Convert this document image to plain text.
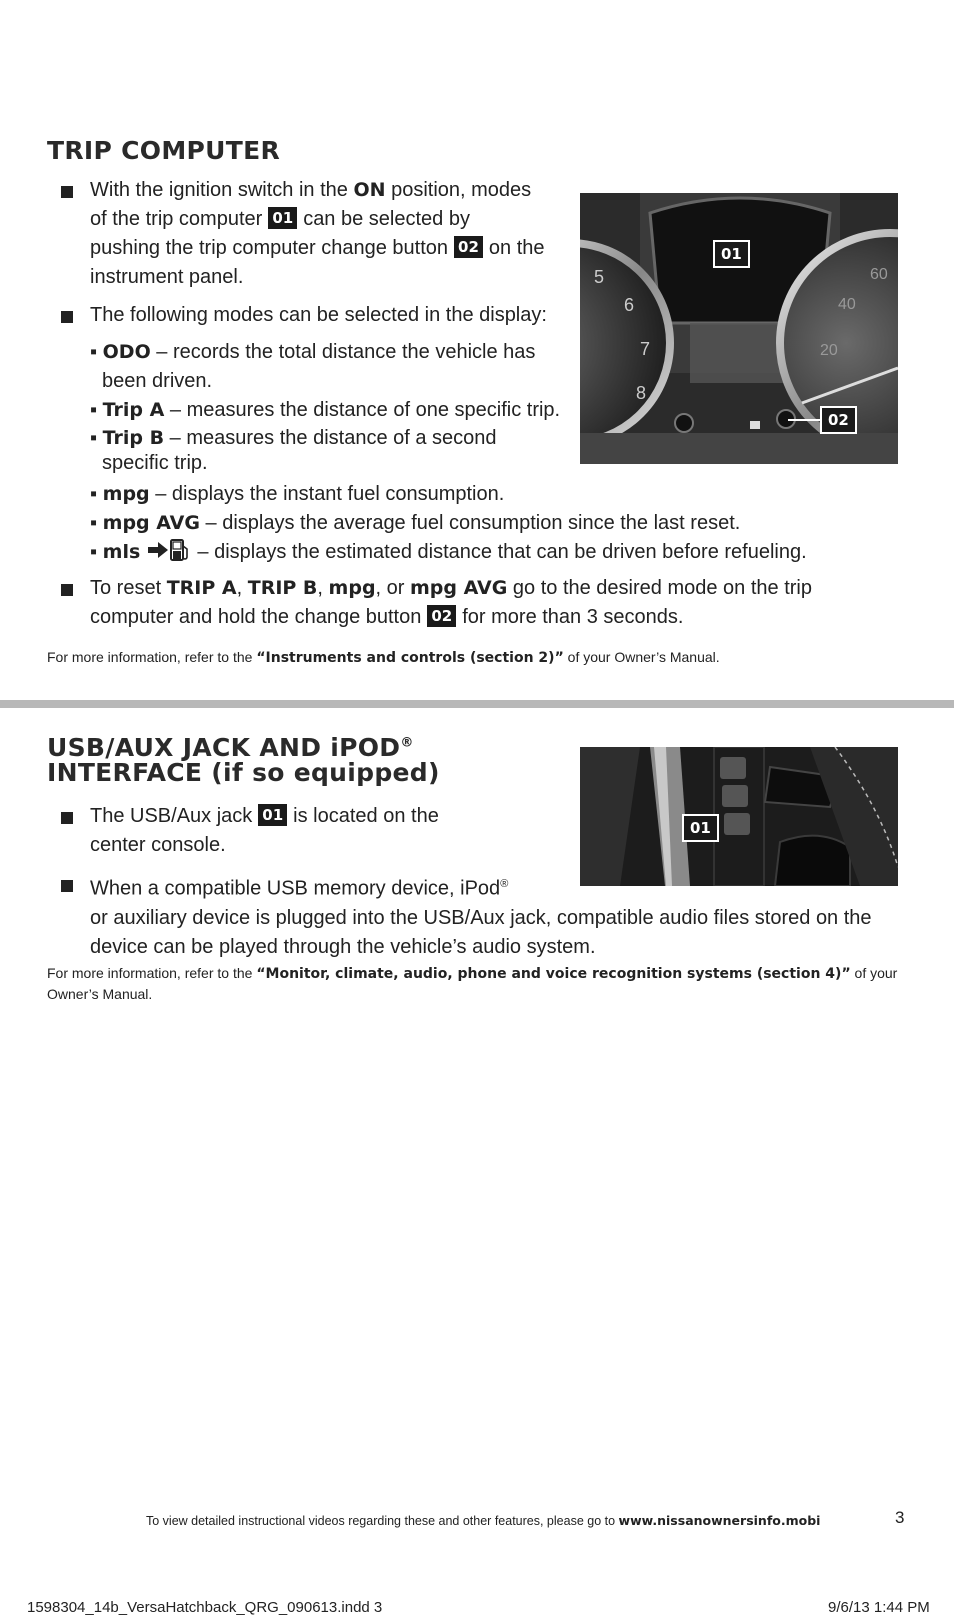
TRIP COMPUTER
With the ignition switch in the ON position, modes
of the trip computer 01 can be selected by
pushing the trip computer change button 02 on the
instrument panel.
The following modes can be selected in the display:
▪ ODO – records the total distance the vehicle has
been driven.
▪ Trip A – measures the distance of one specific trip.
▪ Trip B – measures the distance of a second
specific trip.
▪ mpg – displays the instant fuel consumption.
▪ mpg AVG – displays the average fuel consumption since the last reset.
▪ mls	– displays the estimated distance that can be driven before refueling.
To reset TRIP A, TRIP B, mpg, or mpg AVG go to the desired mode on the trip
computer and hold the change button 02 for more than 3 seconds.
For more information, refer to the “Instruments and controls (section 2)” of your Owner’s Manual.
5
6
7
8
60
40
20
01
02
USB/AUX JACK AND iPOD®
INTERFACE (if so equipped)
The USB/Aux jack 01 is located on the
center console.
When a compatible USB memory device, iPod®
or auxiliary device is plugged into the USB/Aux jack, compatible audio files stored on the
device can be played through the vehicle’s audio system.
For more information, refer to the “Monitor, climate, audio, phone and voice recognition systems (section 4)” of your
Owner’s Manual.
01
To view detailed instructional videos regarding these and other features, please go to www.nissanownersinfo.mobi	3
1598304_14b_VersaHatchback_QRG_090613.indd 3	9/6/13 1:44 PM
